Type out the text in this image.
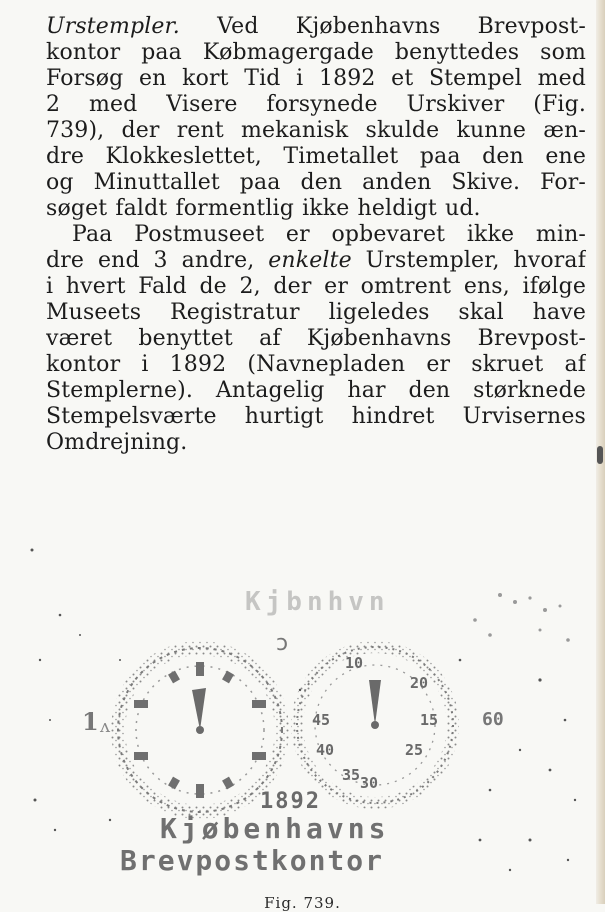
Urstempler. Ved Kjøbenhavns Brevpost-
kontor paa Købmagergade benyttedes som
Forsøg en kort Tid i 1892 et Stempel med
2 med Visere forsynede Urskiver (Fig.
739), der rent mekanisk skulde kunne æn-
dre Klokkeslettet, Timetallet paa den ene
og Minuttallet paa den anden Skive. For-
søget faldt formentlig ikke heldigt ud.
Paa Postmuseet er opbevaret ikke min-
dre end 3 andre, enkelte Urstempler, hvoraf
i hvert Fald de 2, der er omtrent ens, ifølge
Museets Registratur ligeledes skal have
været benyttet af Kjøbenhavns Brevpost-
kontor i 1892 (Navnepladen er skruet af
Stemplerne). Antagelig har den størknede
Stempelsværte hurtigt hindret Urvisernes
Omdrejning.
Kjbnhvn
ɔ
1 ʌ
10
20
15
45
40	25
30
35
60
1892
Kjøbenhavns
Brevpostkontor
Fig. 739.
